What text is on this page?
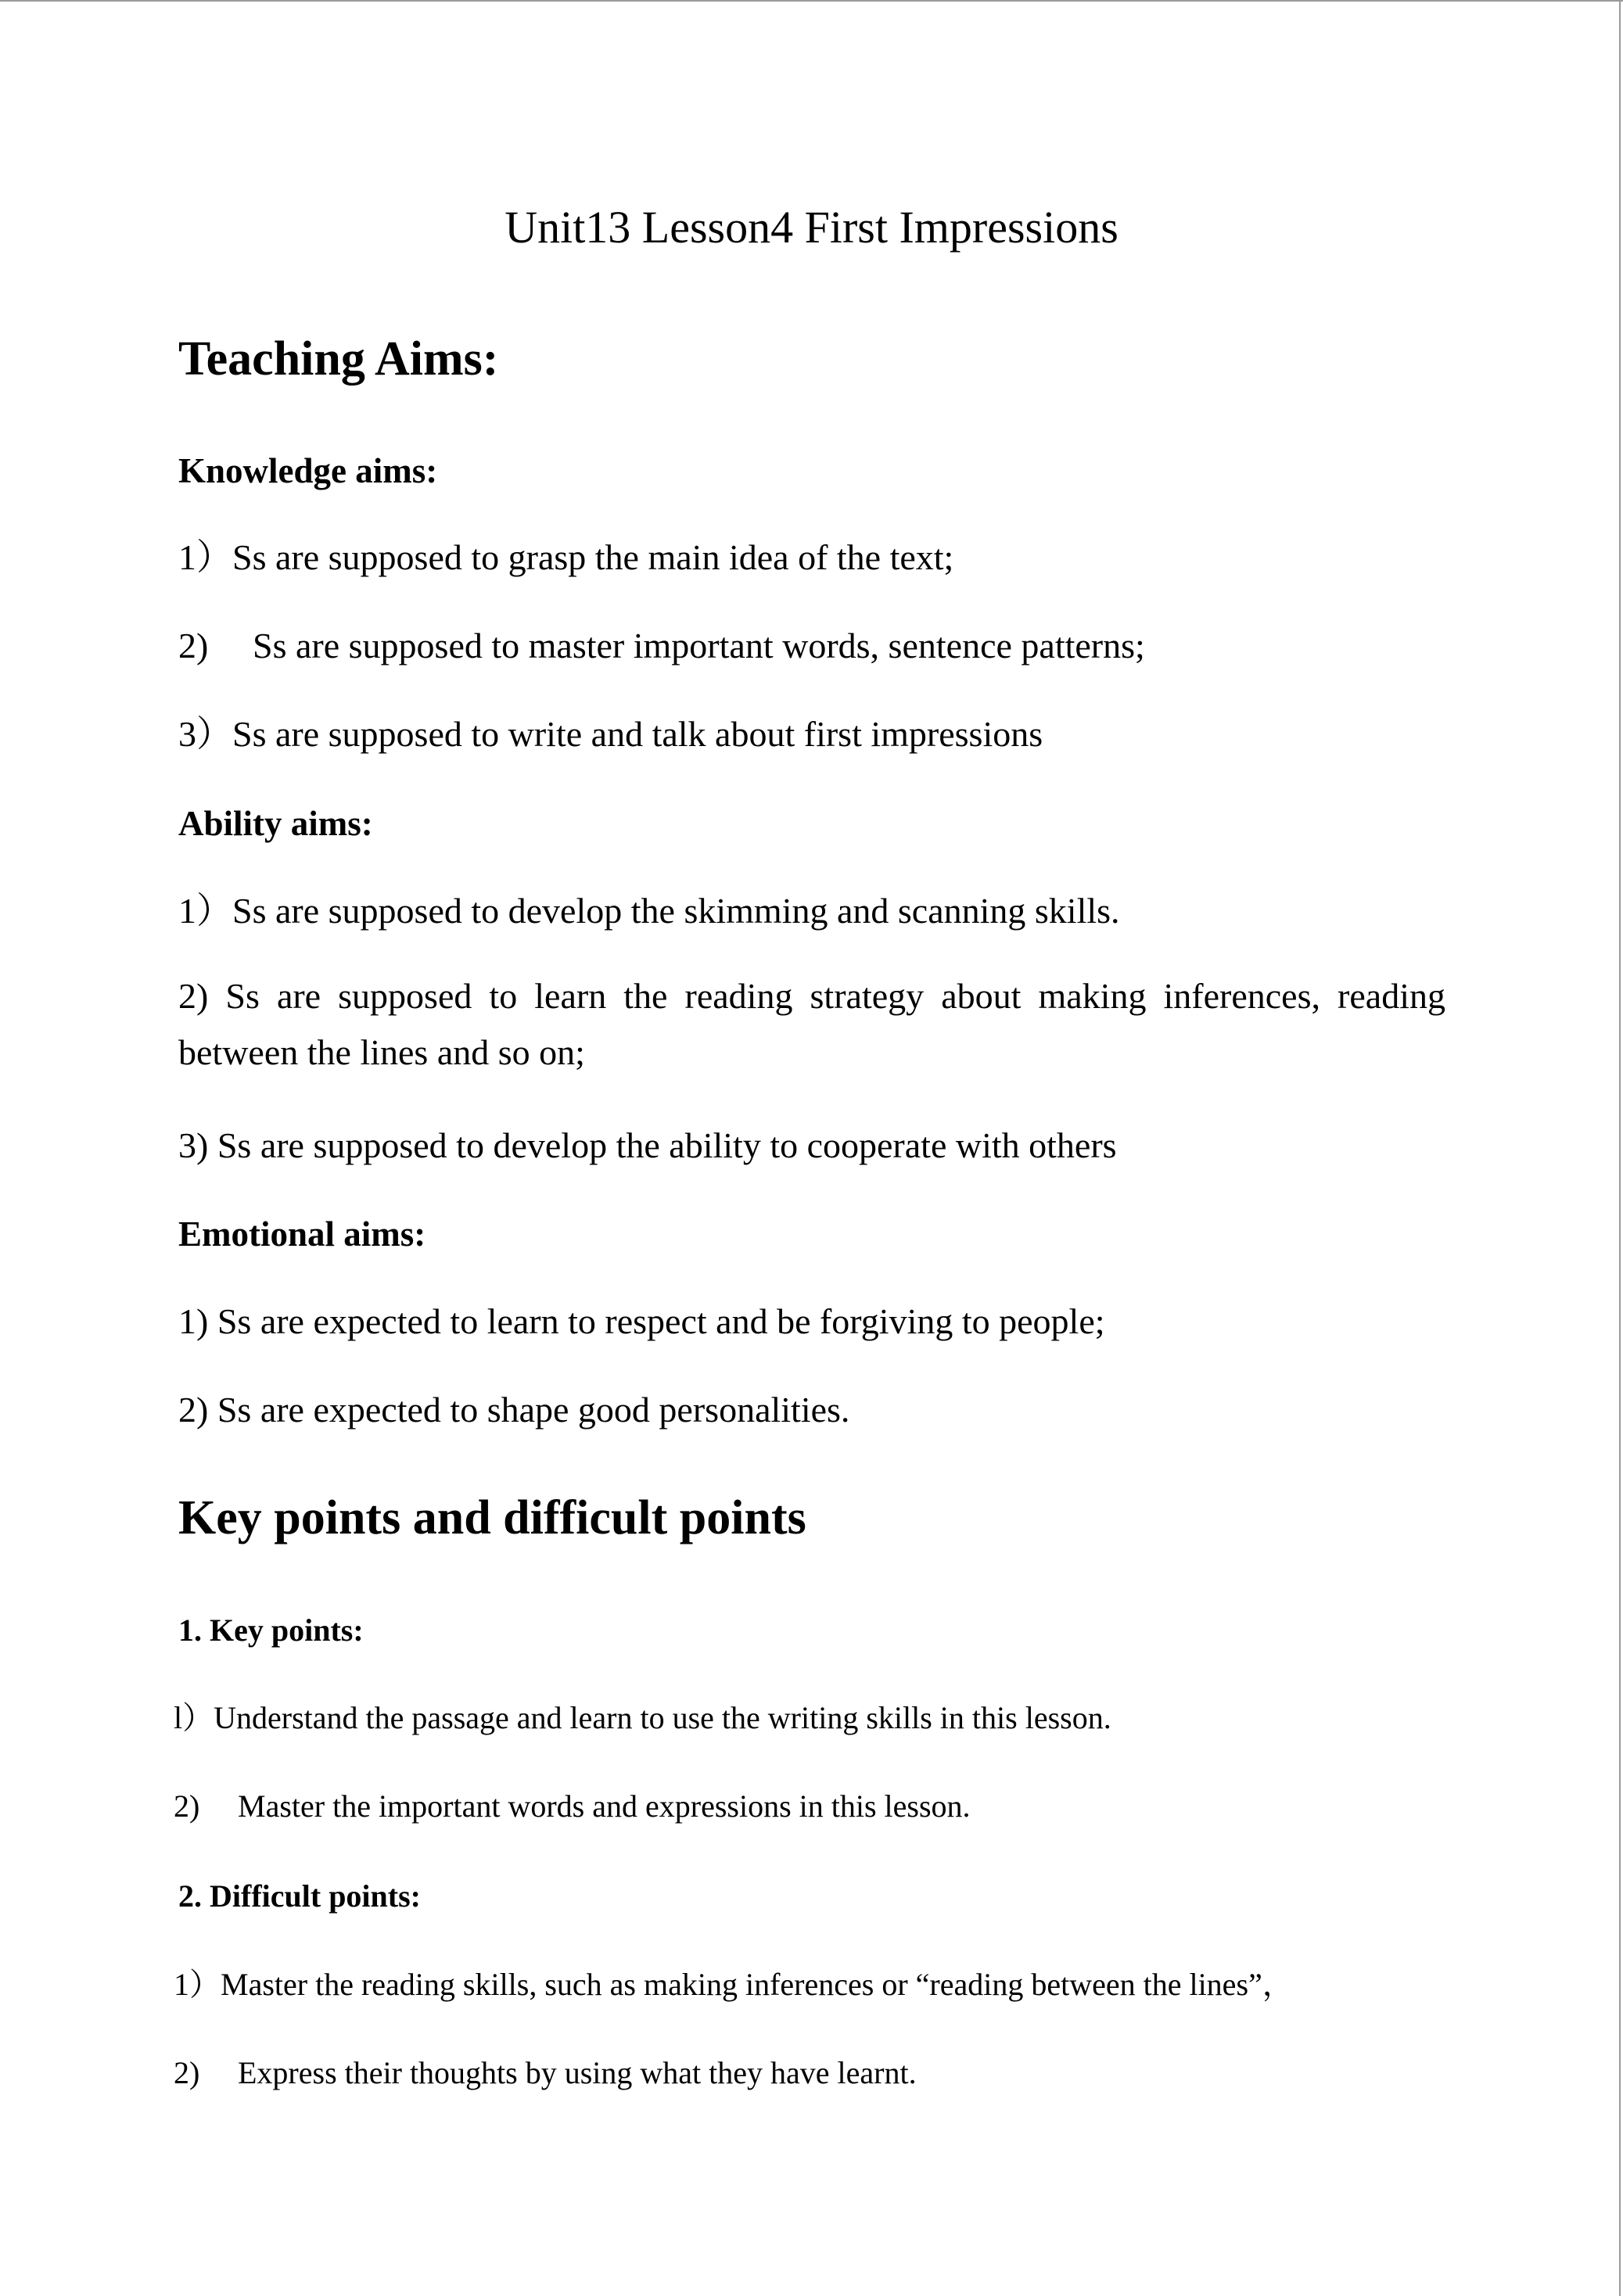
Unit13 Lesson4 First Impressions
Teaching Aims:
Knowledge aims:

1）Ss are supposed to grasp the main idea of the text;

2) Ss are supposed to master important words, sentence patterns;

3）Ss are supposed to write and talk about first impressions

Ability aims:

1）Ss are supposed to develop the skimming and scanning skills.

2) Ss are supposed to learn the reading strategy about making inferences, reading between the lines and so on;

3) Ss are supposed to develop the ability to cooperate with others

Emotional aims:

1) Ss are expected to learn to respect and be forgiving to people;

2) Ss are expected to shape good personalities.

Key points and difficult points
1. Key points:

l）Understand the passage and learn to use the writing skills in this lesson.

2) Master the important words and expressions in this lesson.

2. Difficult points:

1）Master the reading skills, such as making inferences or “reading between the lines”，

2) Express their thoughts by using what they have learnt.
